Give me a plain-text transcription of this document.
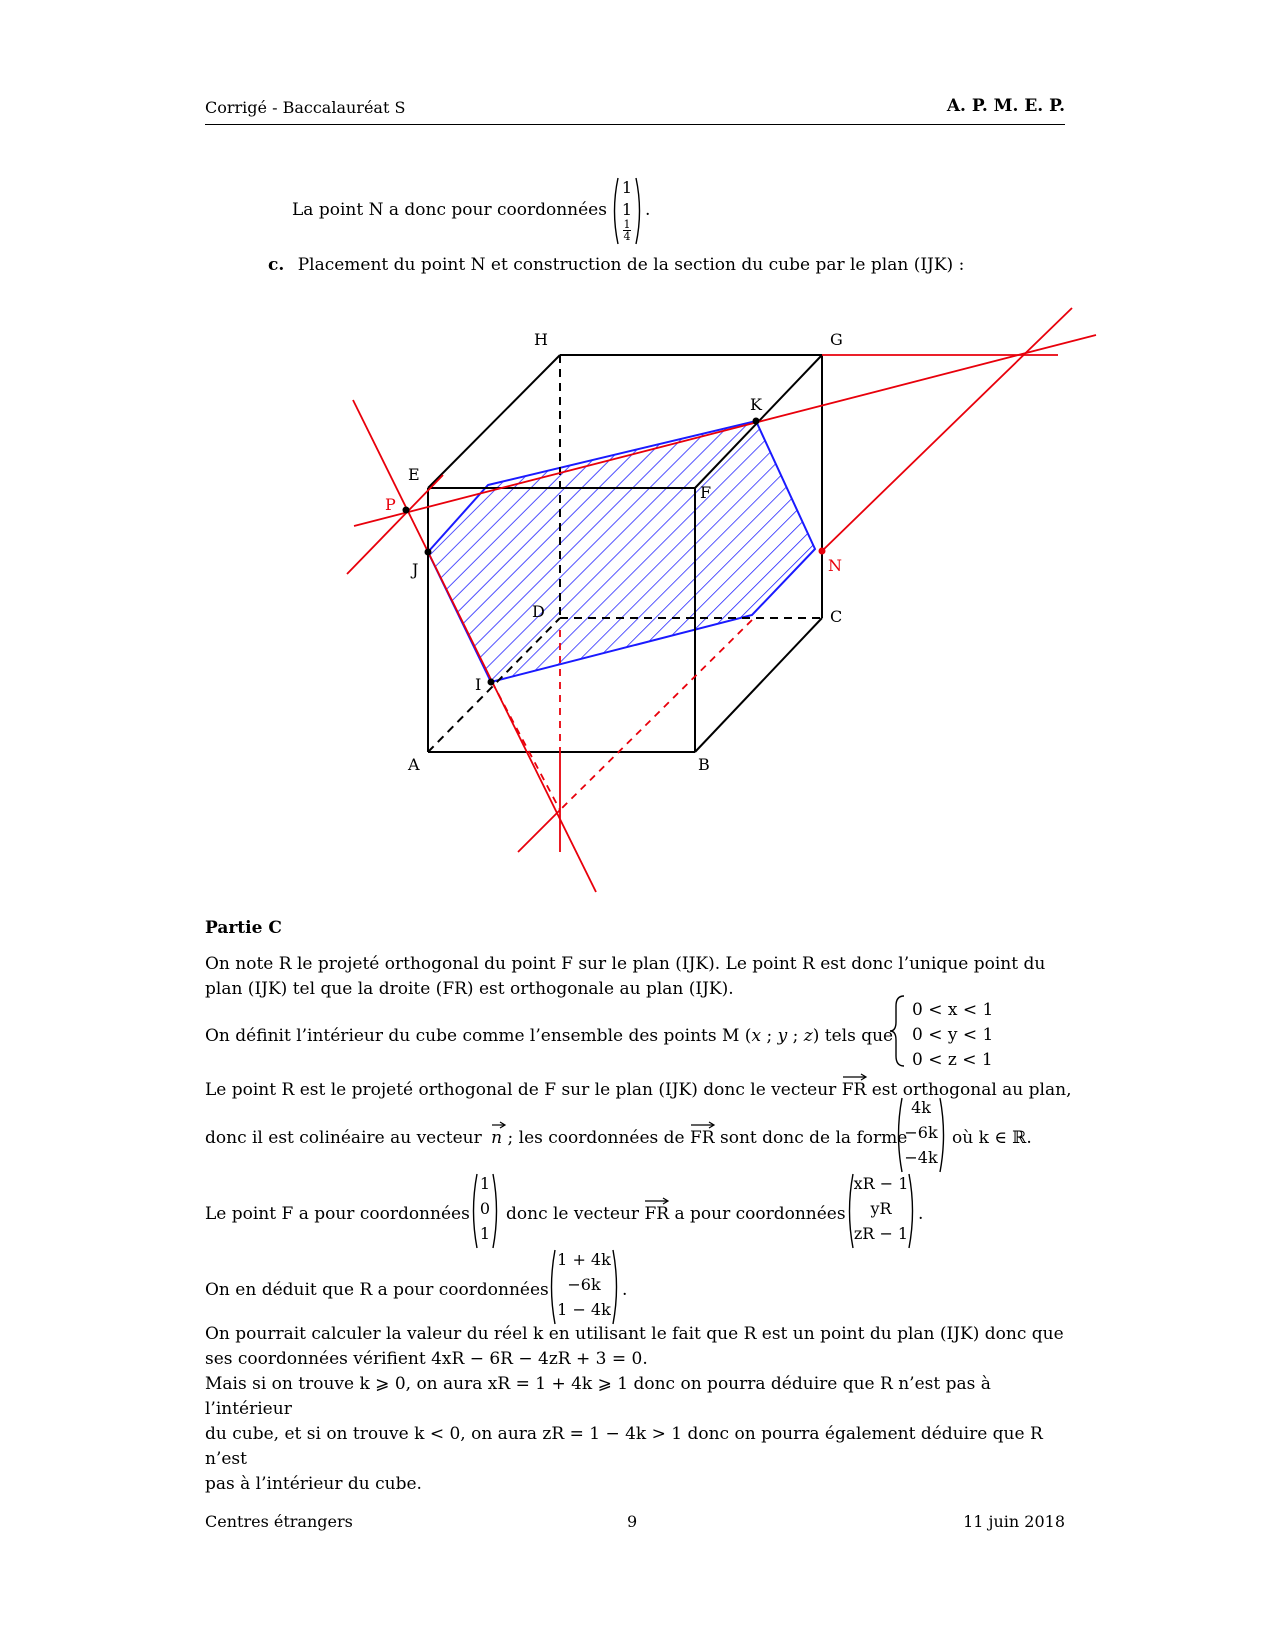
Corrigé - Baccalauréat S	A. P. M. E. P.
La point N a donc pour coordonnées
1
1
$\frac{1}{4}$
.
c. Placement du point N et construction de la section du cube par le plan (IJK) :
H	G
K
E
F
P
J	N
D	C
I
A	B
Partie C
On note R le projeté orthogonal du point F sur le plan (IJK). Le point R est donc l’unique point du
plan (IJK) tel que la droite (FR) est orthogonale au plan (IJK).
On définit l’intérieur du cube comme l’ensemble des points M (x ; y ; z) tels que
0 < x < 1
0 < y < 1
0 < z < 1
Le point R est le projeté orthogonal de F sur le plan (IJK) donc le vecteur FR est orthogonal au plan,
donc il est colinéaire au vecteur n ; les coordonnées de FR sont donc de la forme
4k
−6k
−4k
où k ∈ ℝ.
Le point F a pour coordonnées
1
0
1
donc le vecteur FR a pour coordonnées
xR − 1
yR
zR − 1
.
On en déduit que R a pour coordonnées
1 + 4k
−6k
1 − 4k
.
On pourrait calculer la valeur du réel k en utilisant le fait que R est un point du plan (IJK) donc que
ses coordonnées vérifient 4xR − 6R − 4zR + 3 = 0.
Mais si on trouve k ⩾ 0, on aura xR = 1 + 4k ⩾ 1 donc on pourra déduire que R n’est pas à l’intérieur
du cube, et si on trouve k < 0, on aura zR = 1 − 4k > 1 donc on pourra également déduire que R n’est
pas à l’intérieur du cube.
Centres étrangers	9	11 juin 2018
